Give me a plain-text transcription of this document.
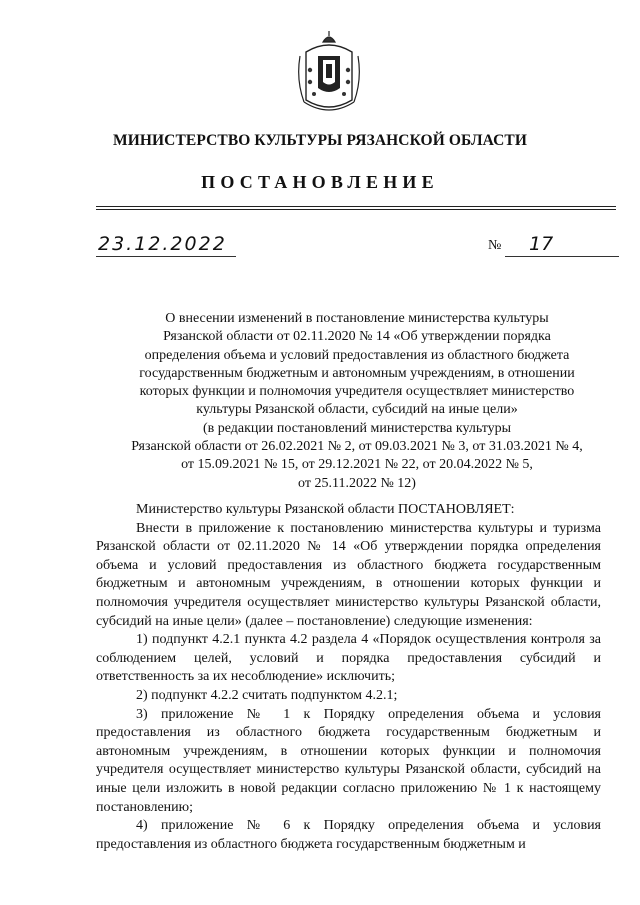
МИНИСТЕРСТВО КУЛЬТУРЫ РЯЗАНСКОЙ ОБЛАСТИ
ПОСТАНОВЛЕНИЕ
23.12.2022	№	17
О внесении изменений в постановление министерства культуры
Рязанской области от 02.11.2020 № 14 «Об утверждении порядка
определения объема и условий предоставления из областного бюджета
государственным бюджетным и автономным учреждениям, в отношении
которых функции и полномочия учредителя осуществляет министерство
культуры Рязанской области, субсидий на иные цели»
(в редакции постановлений министерства культуры
Рязанской области от 26.02.2021 № 2, от 09.03.2021 № 3, от 31.03.2021 № 4,
от 15.09.2021 № 15, от 29.12.2021 № 22, от 20.04.2022 № 5,
от 25.11.2022 № 12)

Министерство культуры Рязанской области ПОСТАНОВЛЯЕТ:

Внести в приложение к постановлению министерства культуры и туризма Рязанской области от 02.11.2020 № 14 «Об утверждении порядка определения объема и условий предоставления из областного бюджета государственным бюджетным и автономным учреждениям, в отношении которых функции и полномочия учредителя осуществляет министерство культуры Рязанской области, субсидий на иные цели» (далее – постановление) следующие изменения:

1) подпункт 4.2.1 пункта 4.2 раздела 4 «Порядок осуществления контроля за соблюдением целей, условий и порядка предоставления субсидий и ответственность за их несоблюдение» исключить;

2) подпункт 4.2.2 считать подпунктом 4.2.1;

3) приложение № 1 к Порядку определения объема и условия предоставления из областного бюджета государственным бюджетным и автономным учреждениям, в отношении которых функции и полномочия учредителя осуществляет министерство культуры Рязанской области, субсидий на иные цели изложить в новой редакции согласно приложению № 1 к настоящему постановлению;

4) приложение № 6 к Порядку определения объема и условия предоставления из областного бюджета государственным бюджетным и
